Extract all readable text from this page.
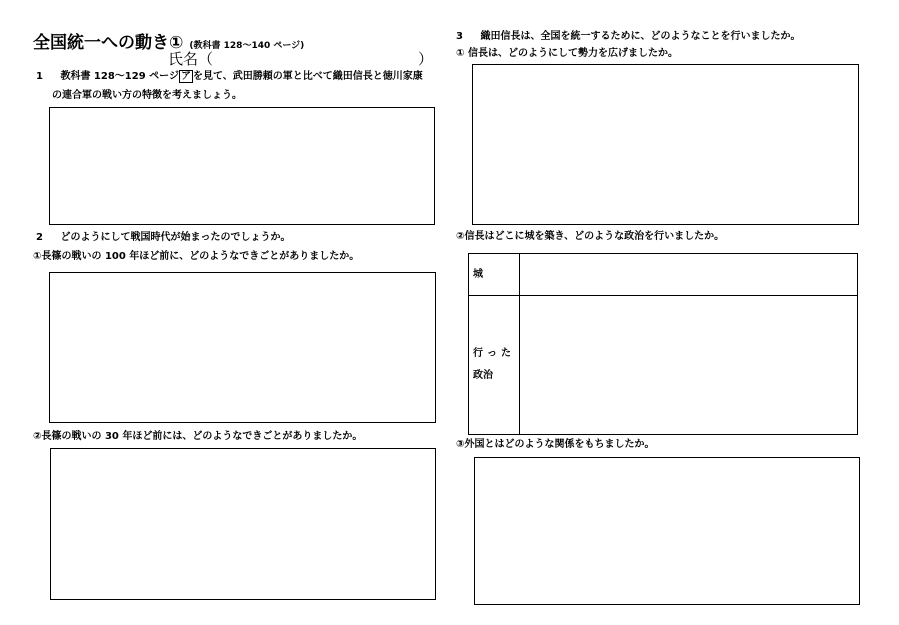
全国統一への動き① (教科書 128～140 ページ)
氏名（	）
1 教科書 128～129 ページ ア を見て、武田勝頼の軍と比べて織田信長と徳川家康
の連合軍の戦い方の特徴を考えましょう。
2 どのようにして戦国時代が始まったのでしょうか。
①長篠の戦いの 100 年ほど前に、どのようなできごとがありましたか。
②長篠の戦いの 30 年ほど前には、どのようなできごとがありましたか。
3 織田信長は、全国を統一するために、どのようなことを行いましたか。
① 信長は、どのようにして勢力を広げましたか。
②信長はどこに城を築き、どのような政治を行いましたか。
城	
行った
政治	
③外国とはどのような関係をもちましたか。
